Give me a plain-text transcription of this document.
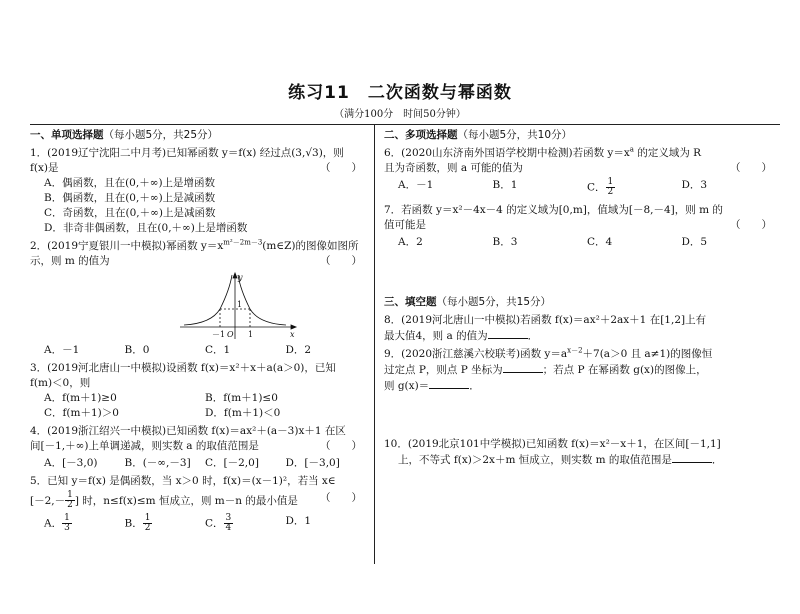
练习11　二次函数与幂函数
（满分100分　时间50分钟）
一、单项选择题（每小题5分，共25分）
1．(2019辽宁沈阳二中月考)已知幂函数 y＝f(x) 经过点(3,√3)，则
f(x)是	（　　）
A．偶函数，且在(0,＋∞)上是增函数
B．偶函数，且在(0,＋∞)上是减函数
C．奇函数，且在(0,＋∞)上是减函数
D．非奇非偶函数，且在(0,＋∞)上是增函数
2．(2019宁夏银川一中模拟)幂函数 $y=x^{m^2-2m-3}(m\in Z)$的图像如图所
示，则 m 的值为	（　　）
y
x
O
－1	1
1
A．－1	B．0	C．1	D．2
3．(2019河北唐山一中模拟)设函数 f(x)＝x²＋x＋a(a＞0)，已知
f(m)＜0，则
A．f(m＋1)≥0	B．f(m＋1)≤0
C．f(m＋1)＞0	D．f(m＋1)＜0
4．(2019浙江绍兴一中模拟)已知函数 f(x)＝ax²＋(a－3)x＋1 在区
间[－1,＋∞)上单调递减，则实数 a 的取值范围是	（　　）
A．[－3,0)	B．(－∞,－3]	C．[－2,0]	D．[－3,0]
5．已知 y＝f(x) 是偶函数，当 x＞0 时，f(x)＝(x－1)²，若当 x∈
[$-2,- \frac{1}{2}$ ] 时，n≤f(x)≤m 恒成立，则 m－n 的最小值是 （　　）
A． $\frac{1}{3}$	B． $\frac{1}{2}$	C． $\frac{3}{4}$	D．1
二、多项选择题（每小题5分，共10分）
6．(2020山东济南外国语学校期中检测)若函数 $y=x^a$ 的定义域为 R
且为奇函数，则 a 可能的值为	（　　）
A．－1	B．1	C． $\frac{1}{2}$	D．3
7．若函数 y＝x²－4x－4 的定义域为[0,m]，值域为[－8,－4]，则 m 的
值可能是	（　　）
A．2	B．3	C．4	D．5
三、填空题（每小题5分，共15分）
8．(2019河北唐山一中模拟)若函数 f(x)＝ax²＋2ax＋1 在[1,2]上有
最大值4，则 a 的值为	．
9．(2020浙江慈溪六校联考)函数 $y=a^{x-2}+7(a>0$ 且 a≠1)的图像恒
过定点 P，则点 P 坐标为	；若点 P 在幂函数 g(x)的图像上，
则 g(x)＝	．
10．(2019北京101中学模拟)已知函数 f(x)＝x²－x＋1，在区间[－1,1]
上，不等式 f(x)＞2x＋m 恒成立，则实数 m 的取值范围是	．
